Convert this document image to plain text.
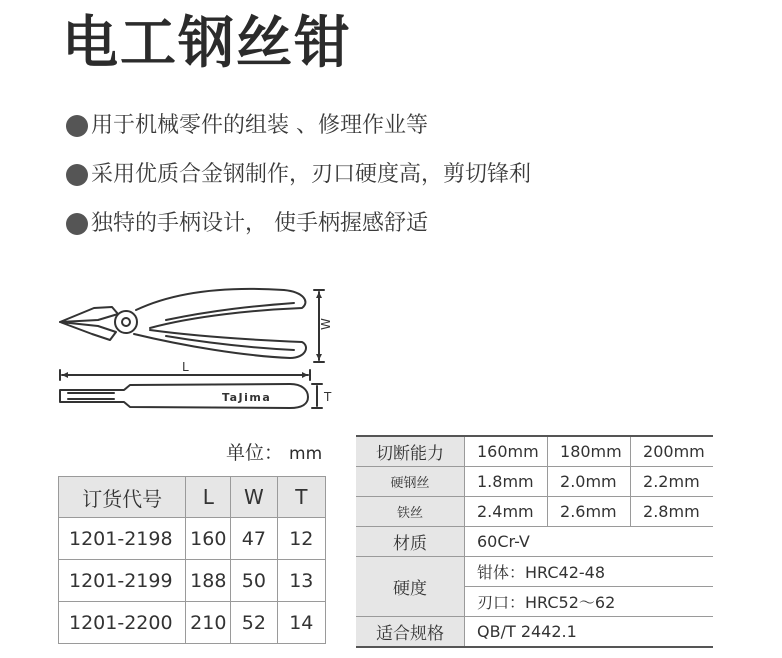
电工钢丝钳
用于机械零件的组装 、修理作业等
采用优质合金钢制作，刃口硬度高，剪切锋利
独特的手柄设计， 使手柄握感舒适
W
L
T
TaJima
单位： mm
订货代号	L	W	T
1201-2198	160	47	12
1201-2199	188	50	13
1201-2200	210	52	14
切断能力	160mm	180mm	200mm
硬钢丝	1.8mm	2.0mm	2.2mm
铁丝	2.4mm	2.6mm	2.8mm
材质	60Cr-V		
硬度	钳体：HRC42-48		
	刃口：HRC52～62		
适合规格	QB/T 2442.1		
